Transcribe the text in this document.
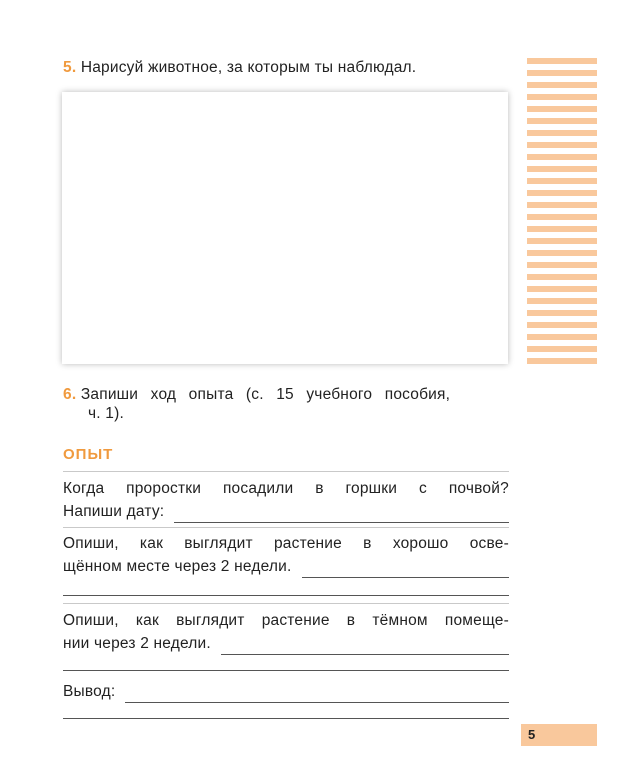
5. Нарисуй животное, за которым ты наблюдал.
6. Запиши ход опыта (с. 15 учебного пособия,
ч. 1).
ОПЫТ
Когда проростки посадили в горшки с почвой?
Напиши дату:
Опиши, как выглядит растение в хорошо осве-
щённом месте через 2 недели.
Опиши, как выглядит растение в тёмном помеще-
нии через 2 недели.
Вывод:
5
